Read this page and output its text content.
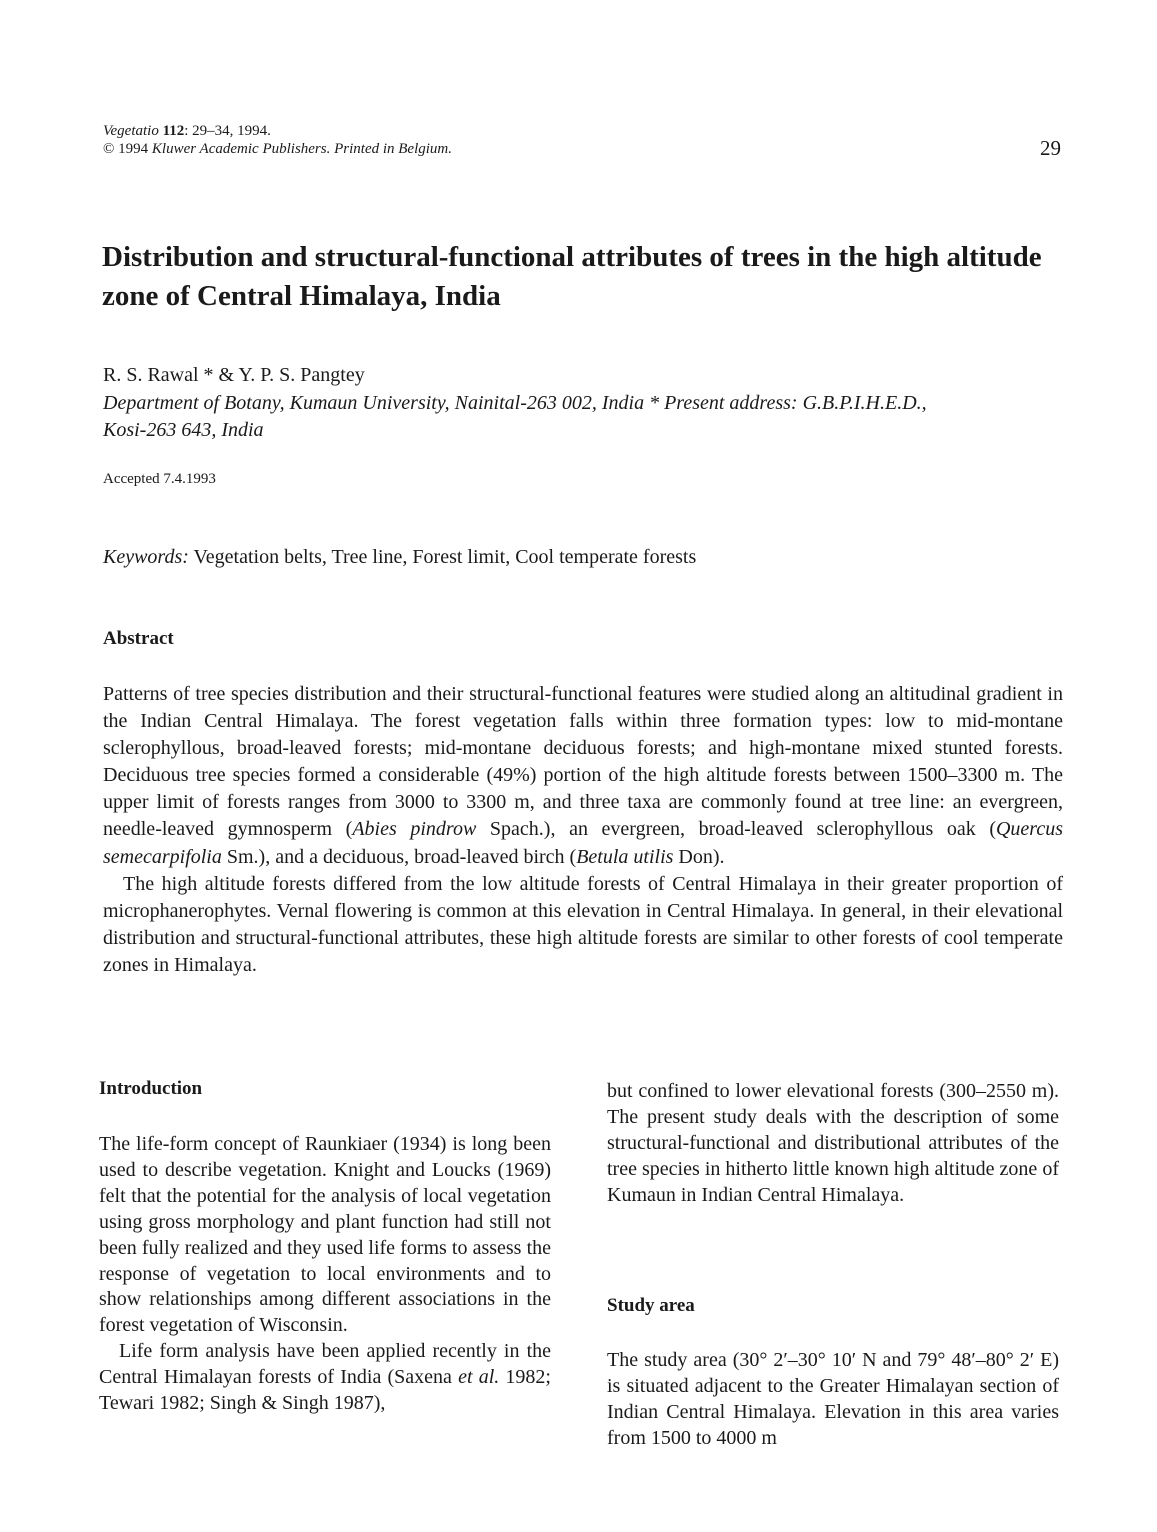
Vegetatio 112: 29–34, 1994.
© 1994 Kluwer Academic Publishers. Printed in Belgium.	29
Distribution and structural-functional attributes of trees in the high altitude zone of Central Himalaya, India
R. S. Rawal * & Y. P. S. Pangtey
Department of Botany, Kumaun University, Nainital-263 002, India * Present address: G.B.P.I.H.E.D.,
Kosi-263 643, India
Accepted 7.4.1993
Keywords: Vegetation belts, Tree line, Forest limit, Cool temperate forests
Abstract

Patterns of tree species distribution and their structural-functional features were studied along an altitudinal gradient in the Indian Central Himalaya. The forest vegetation falls within three formation types: low to mid-montane sclerophyllous, broad-leaved forests; mid-montane deciduous forests; and high-montane mixed stunted forests. Deciduous tree species formed a considerable (49%) portion of the high altitude forests between 1500–3300 m. The upper limit of forests ranges from 3000 to 3300 m, and three taxa are commonly found at tree line: an evergreen, needle-leaved gymnosperm (Abies pindrow Spach.), an evergreen, broad-leaved sclerophyllous oak (Quercus semecarpifolia Sm.), and a deciduous, broad-leaved birch (Betula utilis Don).

The high altitude forests differed from the low altitude forests of Central Himalaya in their greater proportion of microphanerophytes. Vernal flowering is common at this elevation in Central Himalaya. In general, in their elevational distribution and structural-functional attributes, these high altitude forests are similar to other forests of cool temperate zones in Himalaya.

Introduction

The life-form concept of Raunkiaer (1934) is long been used to describe vegetation. Knight and Loucks (1969) felt that the potential for the analysis of local vegetation using gross morphology and plant function had still not been fully realized and they used life forms to assess the response of vegetation to local environments and to show relationships among different associations in the forest vegetation of Wisconsin.

Life form analysis have been applied recently in the Central Himalayan forests of India (Saxena et al. 1982; Tewari 1982; Singh & Singh 1987),

but confined to lower elevational forests (300–2550 m). The present study deals with the description of some structural-functional and distributional attributes of the tree species in hitherto little known high altitude zone of Kumaun in Indian Central Himalaya.

Study area

The study area (30° 2′–30° 10′ N and 79° 48′–80° 2′ E) is situated adjacent to the Greater Himalayan section of Indian Central Himalaya. Elevation in this area varies from 1500 to 4000 m
